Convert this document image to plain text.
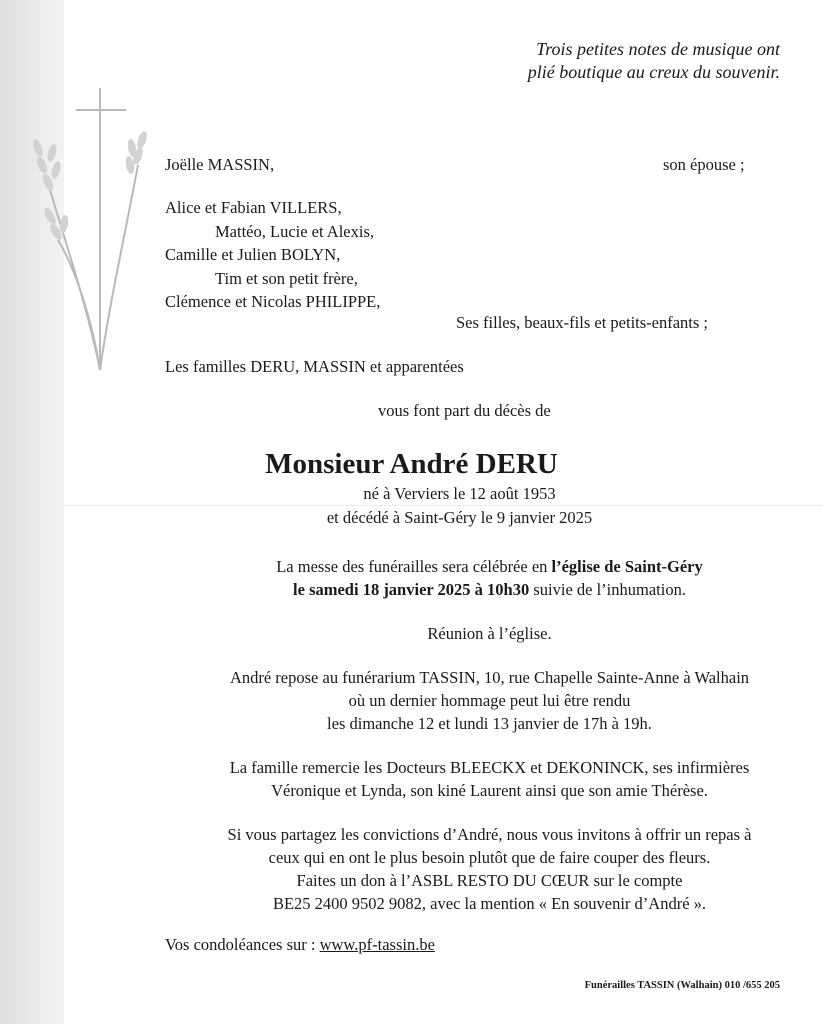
Trois petites notes de musique ont
plié boutique au creux du souvenir.
Joëlle MASSIN,	son épouse ;
Alice et Fabian VILLERS,
Mattéo, Lucie et Alexis,
Camille et Julien BOLYN,
Tim et son petit frère,
Clémence et Nicolas PHILIPPE,
Ses filles, beaux-fils et petits-enfants ;
Les familles DERU, MASSIN et apparentées
vous font part du décès de
Monsieur André DERU
né à Verviers le 12 août 1953
et décédé à Saint-Géry le 9 janvier 2025
La messe des funérailles sera célébrée en l’église de Saint-Géry
le samedi 18 janvier 2025 à 10h30 suivie de l’inhumation.
Réunion à l’église.
André repose au funérarium TASSIN, 10, rue Chapelle Sainte-Anne à Walhain
où un dernier hommage peut lui être rendu
les dimanche 12 et lundi 13 janvier de 17h à 19h.
La famille remercie les Docteurs BLEECKX et DEKONINCK, ses infirmières
Véronique et Lynda, son kiné Laurent ainsi que son amie Thérèse.
Si vous partagez les convictions d’André, nous vous invitons à offrir un repas à
ceux qui en ont le plus besoin plutôt que de faire couper des fleurs.
Faites un don à l’ASBL RESTO DU CŒUR sur le compte
BE25 2400 9502 9082, avec la mention « En souvenir d’André ».
Vos condoléances sur : www.pf-tassin.be
Funérailles TASSIN (Walhain) 010 /655 205
